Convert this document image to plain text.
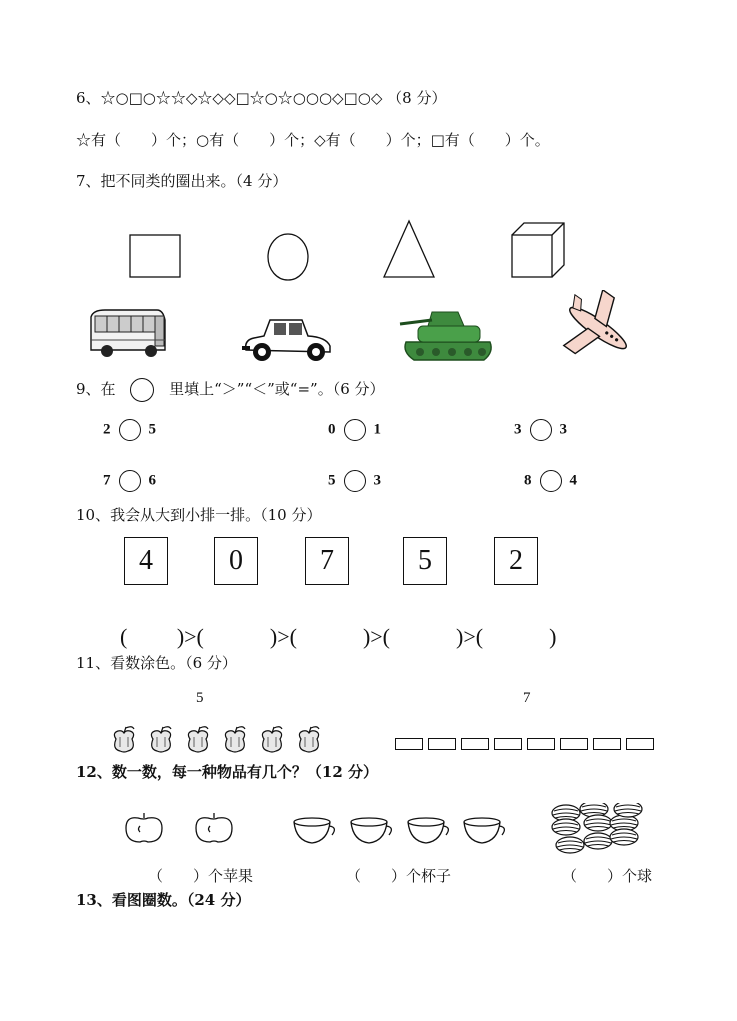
6、☆○□○☆☆◇☆◇◇□☆○☆○○○◇□○◇ （8 分）
☆有（　　）个；○有（　　）个；◇有（　　）个；□有（　　）个。
7、把不同类的圈出来。（4 分）
9、在	里填上“＞”“＜”或“=”。（6 分）
2	5	0	1	3	3
7	6	5	3	8	4
10、我会从大到小排一排。（10 分）
4	0	7	5	2
(　　 )>(　　　)>(　　　)>(　　　)>(　　　)
11、看数涂色。（6 分）
5	7
12、数一数，每一种物品有几个？（12 分）
（　　）个苹果	（　　）个杯子	（　　）个球
13、看图圈数。（24 分）
